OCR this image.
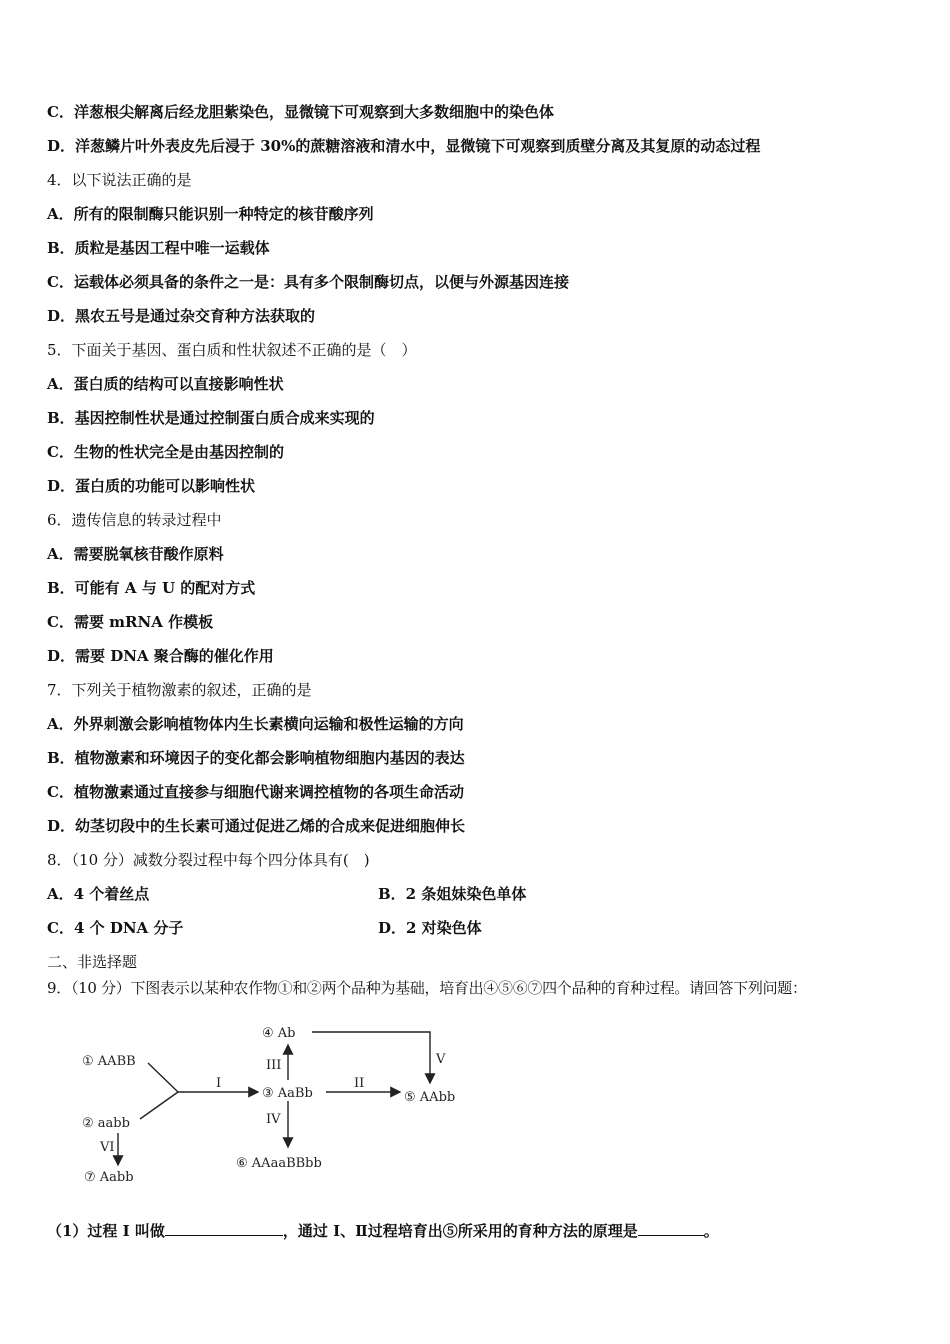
C．洋葱根尖解离后经龙胆紫染色，显微镜下可观察到大多数细胞中的染色体
D．洋葱鳞片叶外表皮先后浸于 30%的蔗糖溶液和清水中，显微镜下可观察到质壁分离及其复原的动态过程
4．以下说法正确的是
A．所有的限制酶只能识别一种特定的核苷酸序列
B．质粒是基因工程中唯一运载体
C．运载体必须具备的条件之一是：具有多个限制酶切点，以便与外源基因连接
D．黑农五号是通过杂交育种方法获取的
5．下面关于基因、蛋白质和性状叙述不正确的是（　）
A．蛋白质的结构可以直接影响性状
B．基因控制性状是通过控制蛋白质合成来实现的
C．生物的性状完全是由基因控制的
D．蛋白质的功能可以影响性状
6．遗传信息的转录过程中
A．需要脱氧核苷酸作原料
B．可能有 A 与 U 的配对方式
C．需要 mRNA 作模板
D．需要 DNA 聚合酶的催化作用
7．下列关于植物激素的叙述，正确的是
A．外界刺激会影响植物体内生长素横向运输和极性运输的方向
B．植物激素和环境因子的变化都会影响植物细胞内基因的表达
C．植物激素通过直接参与细胞代谢来调控植物的各项生命活动
D．幼茎切段中的生长素可通过促进乙烯的合成来促进细胞伸长
8．（10 分）减数分裂过程中每个四分体具有(　)
A．4 个着丝点	B．2 条姐妹染色单体
C．4 个 DNA 分子	D．2 对染色体
二、非选择题
9．（10 分）下图表示以某种农作物①和②两个品种为基础，培育出④⑤⑥⑦四个品种的育种过程。请回答下列问题：
① AABB
② aabb
⑦ Aabb
④ Ab
③ AaBb	⑤ AAbb
⑥ AAaaBBbb
I	II
III
IV
V
VI
（1）过程 I 叫做	，通过 I、Ⅱ过程培育出⑤所采用的育种方法的原理是	。
